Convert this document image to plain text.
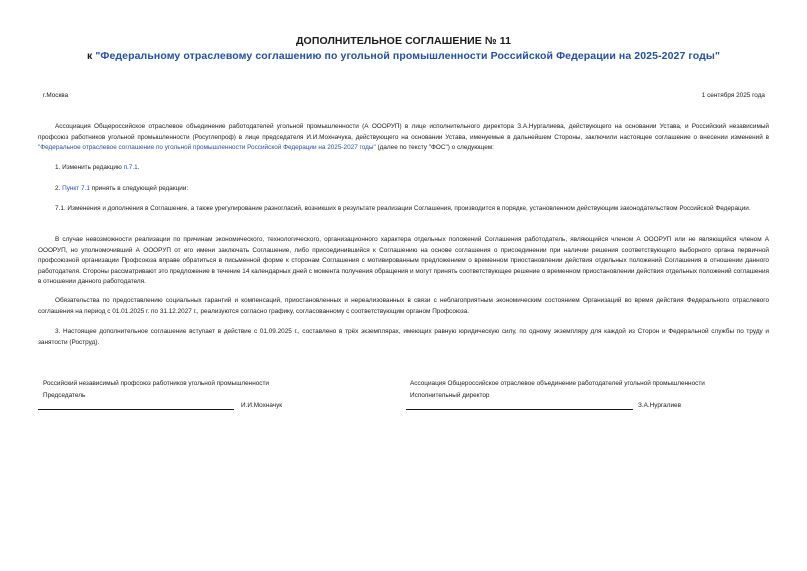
ДОПОЛНИТЕЛЬНОЕ СОГЛАШЕНИЕ № 11
к "Федеральному отраслевому соглашению по угольной промышленности Российской Федерации на 2025-2027 годы"
г.Москва	1 сентября 2025 года

Ассоциация Общероссийское отраслевое объединение работодателей угольной промышленности (А ОООРУП) в лице исполнительного директора З.А.Нургалиева, действующего на основании Устава, и Российский независимый профсоюз работников угольной промышленности (Росуглепроф) в лице председателя И.И.Мохначука, действующего на основании Устава, именуемые в дальнейшем Стороны, заключили настоящее соглашение о внесении изменений в "Федеральное отраслевое соглашение по угольной промышленности Российской Федерации на 2025-2027 годы" (далее по тексту "ФОС") о следующем:

1. Изменить редакцию п.7.1.

2. Пункт 7.1 принять в следующей редакции:

7.1. Изменения и дополнения в Соглашение, а также урегулирование разногласий, возникших в результате реализации Соглашения, производится в порядке, установленном действующим законодательством Российской Федерации.

В случае невозможности реализации по причинам экономического, технологического, организационного характера отдельных положений Соглашения работодатель, являющийся членом А ОООРУП или не являющийся членом А ОООРУП, но уполномочивший А ОООРУП от его имени заключать Соглашение, либо присоединившийся к Соглашению на основе соглашения о присоединении при наличии решения соответствующего выборного органа первичной профсоюзной организации Профсоюза вправе обратиться в письменной форме к сторонам Соглашения с мотивированным предложением о временном приостановлении действия отдельных положений Соглашения в отношении данного работодателя. Стороны рассматривают это предложение в течение 14 календарных дней с момента получения обращения и могут принять соответствующее решение о временном приостановлении действия отдельных положений соглашения в отношении данного работодателя.

Обязательства по предоставлению социальных гарантий и компенсаций, приостановленных и нереализованных в связи с неблагоприятным экономическим состоянием Организаций во время действия Федерального отраслевого соглашения на период с 01.01.2025 г. по 31.12.2027 г., реализуются согласно графику, согласованному с соответствующим органом Профсоюза.

3. Настоящее дополнительное соглашение вступает в действие с 01.09.2025 г., составлено в трёх экземплярах, имеющих равную юридическую силу, по одному экземпляру для каждой из Сторон и Федеральной службы по труду и занятости (Роструд).

Российский независимый профсоюз работников угольной промышленности
Председатель
И.И.Мохначук
Ассоциация Общероссийское отраслевое объединение работодателей угольной промышленности
Исполнительный директор
З.А.Нургалиев
